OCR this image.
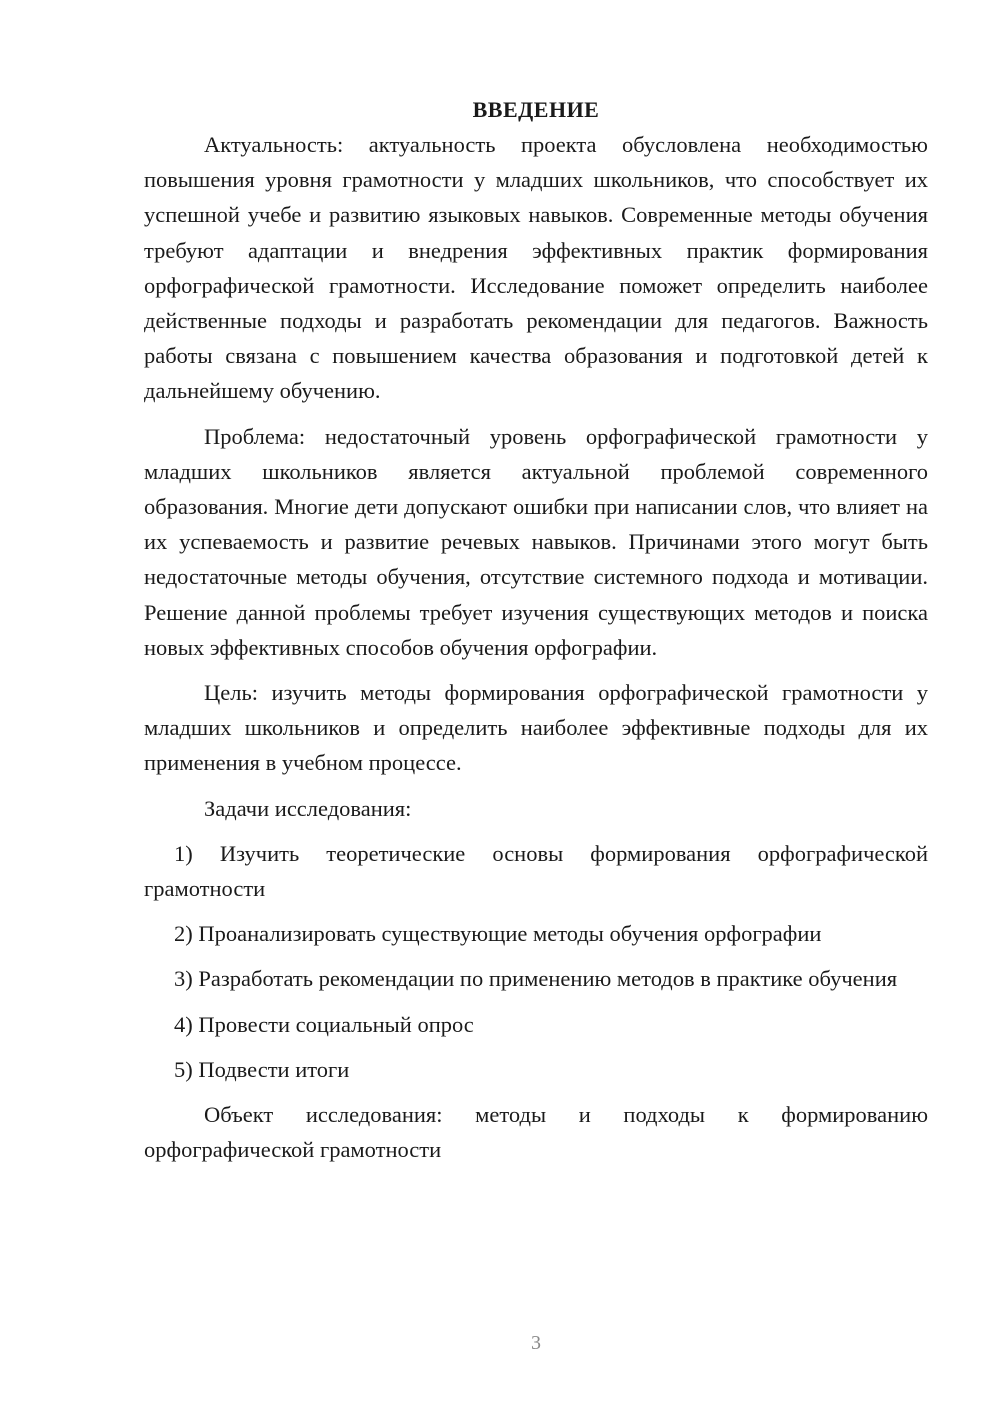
ВВЕДЕНИЕ

Актуальность: актуальность проекта обусловлена необходимостью повышения уровня грамотности у младших школьников, что способствует их успешной учебе и развитию языковых навыков. Современные методы обучения требуют адаптации и внедрения эффективных практик формирования орфографической грамотности. Исследование поможет определить наиболее действенные подходы и разработать рекомендации для педагогов. Важность работы связана с повышением качества образования и подготовкой детей к дальнейшему обучению.

Проблема: недостаточный уровень орфографической грамотности у младших школьников является актуальной проблемой современного образования. Многие дети допускают ошибки при написании слов, что влияет на их успеваемость и развитие речевых навыков. Причинами этого могут быть недостаточные методы обучения, отсутствие системного подхода и мотивации. Решение данной проблемы требует изучения существующих методов и поиска новых эффективных способов обучения орфографии.

Цель: изучить методы формирования орфографической грамотности у младших школьников и определить наиболее эффективные подходы для их применения в учебном процессе.

Задачи исследования:

1) Изучить теоретические основы формирования орфографической грамотности

2) Проанализировать существующие методы обучения орфографии

3) Разработать рекомендации по применению методов в практике обучения

4) Провести социальный опрос

5) Подвести итоги

Объект исследования: методы и подходы к формированию орфографической грамотности

3
